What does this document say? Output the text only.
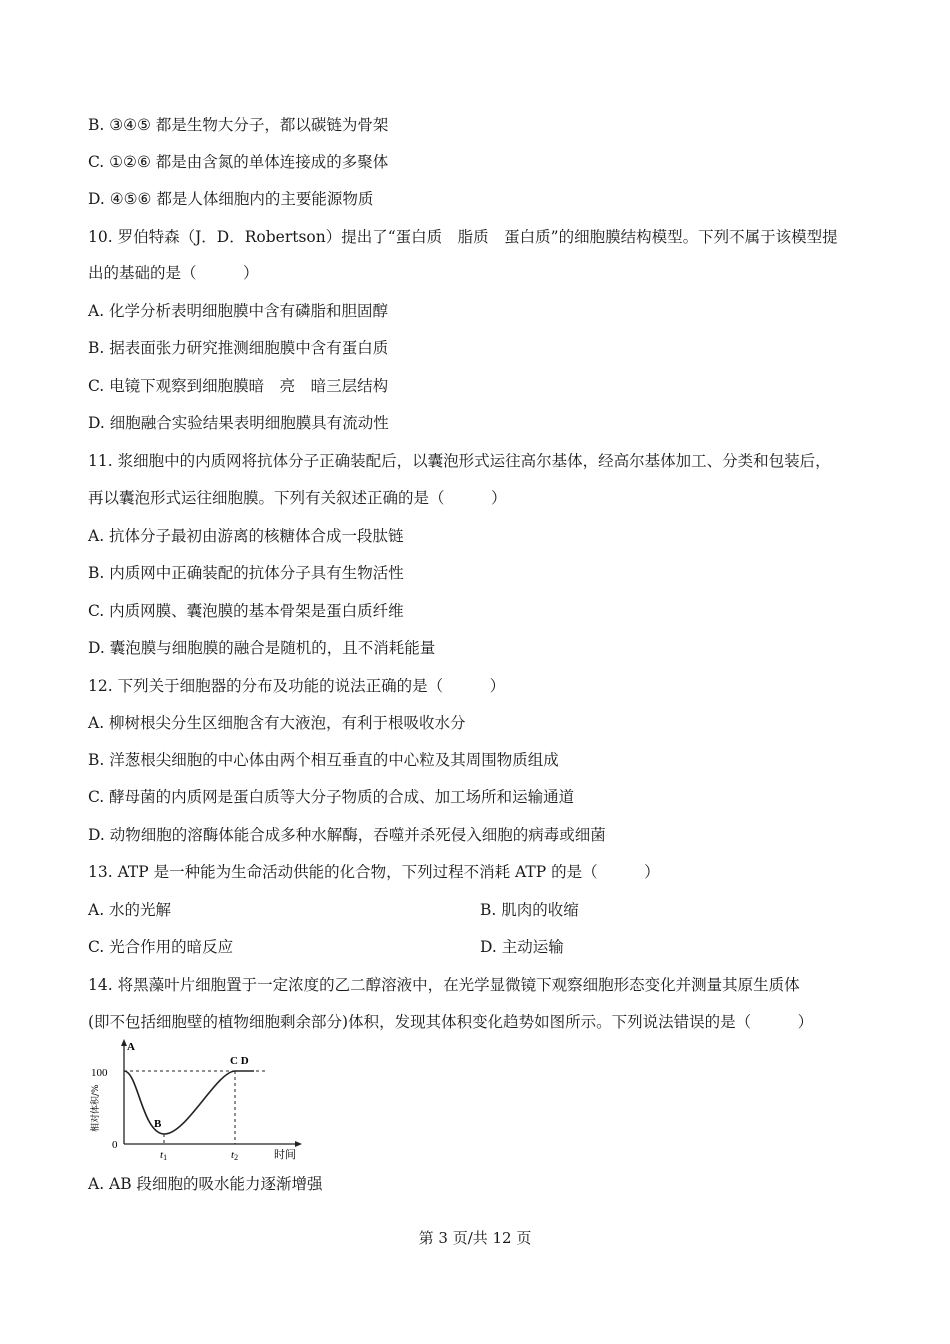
B. ③④⑤ 都是生物大分子，都以碳链为骨架
C. ①②⑥ 都是由含氮的单体连接成的多聚体
D. ④⑤⑥ 都是人体细胞内的主要能源物质
10. 罗伯特森（J．D．Robertson）提出了“蛋白质　脂质　蛋白质”的细胞膜结构模型。下列不属于该模型提
出的基础的是（　　　）
A. 化学分析表明细胞膜中含有磷脂和胆固醇
B. 据表面张力研究推测细胞膜中含有蛋白质
C. 电镜下观察到细胞膜暗　亮　暗三层结构
D. 细胞融合实验结果表明细胞膜具有流动性
11. 浆细胞中的内质网将抗体分子正确装配后，以囊泡形式运往高尔基体，经高尔基体加工、分类和包装后，
再以囊泡形式运往细胞膜。下列有关叙述正确的是（　　　）
A. 抗体分子最初由游离的核糖体合成一段肽链
B. 内质网中正确装配的抗体分子具有生物活性
C. 内质网膜、囊泡膜的基本骨架是蛋白质纤维
D. 囊泡膜与细胞膜的融合是随机的，且不消耗能量
12. 下列关于细胞器的分布及功能的说法正确的是（　　　）
A. 柳树根尖分生区细胞含有大液泡，有利于根吸收水分
B. 洋葱根尖细胞的中心体由两个相互垂直的中心粒及其周围物质组成
C. 酵母菌的内质网是蛋白质等大分子物质的合成、加工场所和运输通道
D. 动物细胞的溶酶体能合成多种水解酶，吞噬并杀死侵入细胞的病毒或细菌
13. ATP 是一种能为生命活动供能的化合物，下列过程不消耗 ATP 的是（　　　）
A. 水的光解	B. 肌肉的收缩
C. 光合作用的暗反应	D. 主动运输
14. 将黑藻叶片细胞置于一定浓度的乙二醇溶液中，在光学显微镜下观察细胞形态变化并测量其原生质体
(即不包括细胞壁的植物细胞剩余部分)体积，发现其体积变化趋势如图所示。下列说法错误的是（　　　）
100
0
A
B
C D
t1	t2	时间
相对体积/%
A. AB 段细胞的吸水能力逐渐增强
第 3 页/共 12 页
